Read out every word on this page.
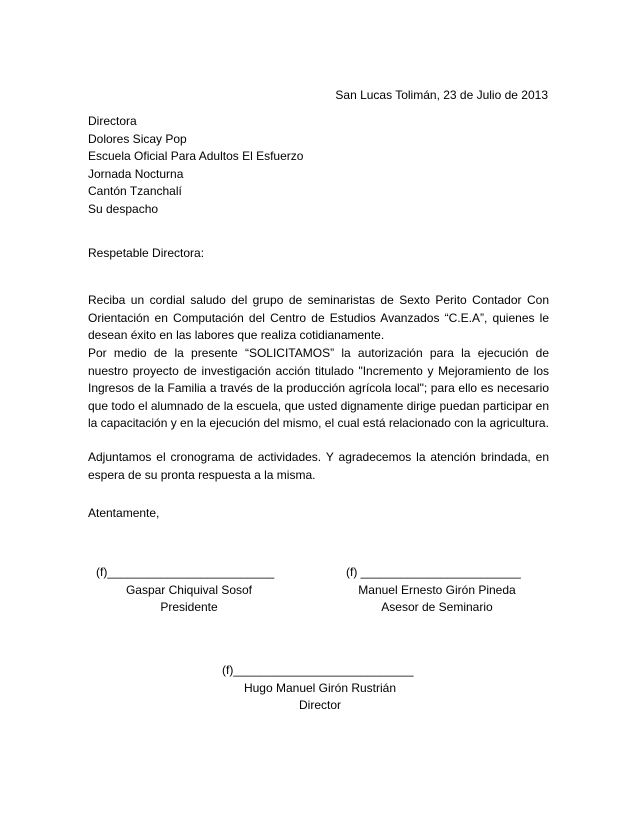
San Lucas Tolimán, 23 de Julio de 2013
Directora
Dolores Sicay Pop
Escuela Oficial Para Adultos El Esfuerzo
Jornada Nocturna
Cantón Tzanchalí
Su despacho
Respetable Directora:
Reciba un cordial saludo del grupo de seminaristas de Sexto Perito Contador Con Orientación en Computación del Centro de Estudios Avanzados “C.E.A”, quienes le desean éxito en las labores que realiza cotidianamente.
Por medio de la presente “SOLICITAMOS” la autorización para la ejecución de nuestro proyecto de investigación acción titulado "Incremento y Mejoramiento de los Ingresos de la Familia a través de la producción agrícola local"; para ello es necesario que todo el alumnado de la escuela, que usted dignamente dirige puedan participar en la capacitación y en la ejecución del mismo, el cual está relacionado con la agricultura.
Adjuntamos el cronograma de actividades. Y agradecemos la atención brindada, en espera de su pronta respuesta a la misma.
Atentamente,
(f)_________________________
Gaspar Chiquival Sosof
Presidente
(f) ________________________
Manuel Ernesto Girón Pineda
Asesor de Seminario
(f)___________________________
Hugo Manuel Girón Rustrián
Director
